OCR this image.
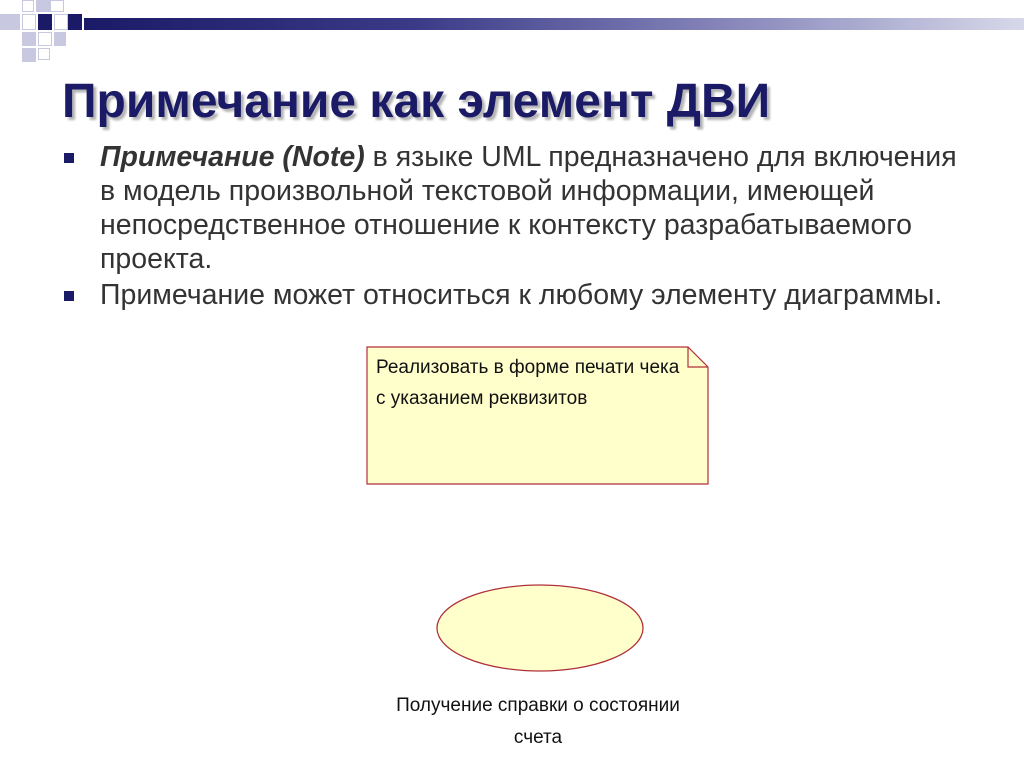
Примечание как элемент ДВИ
Примечание (Note) в языке UML предназначено для включения в модель произвольной текстовой информации, имеющей непосредственное отношение к контексту разрабатываемого проекта.
Примечание может относиться к любому элементу диаграммы.
Реализовать в форме печати чека с указанием реквизитов
Получение справки о состоянии счета
